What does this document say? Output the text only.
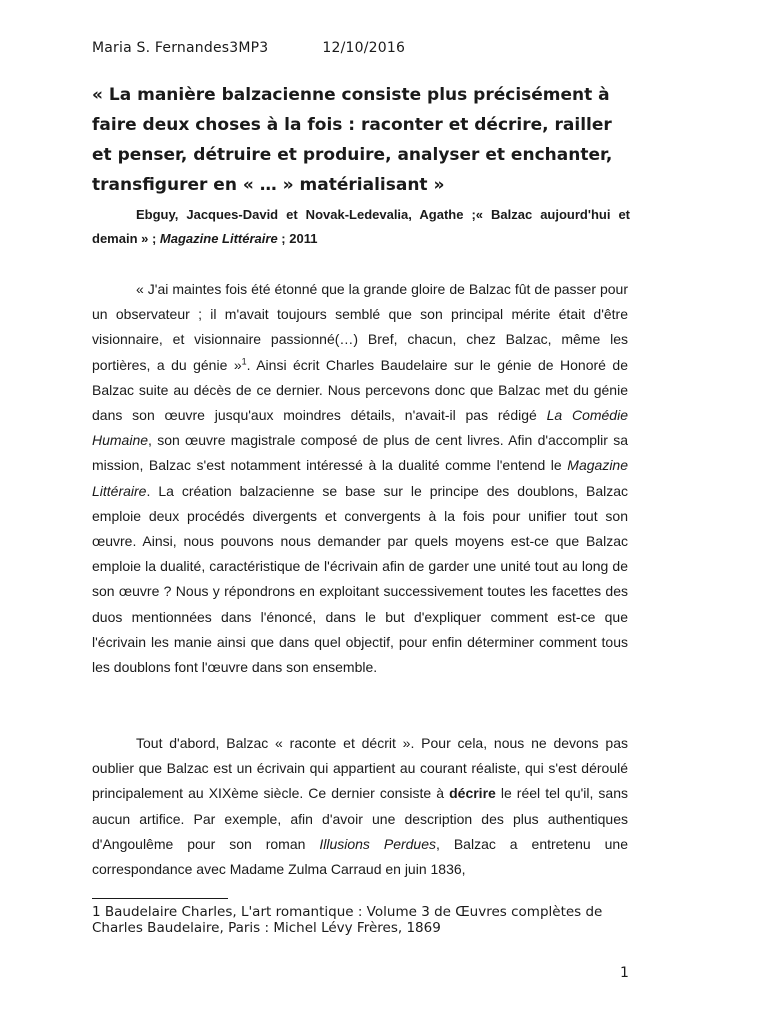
Maria S. Fernandes3MP3	12/10/2016
« La manière balzacienne consiste plus précisément à faire deux choses à la fois : raconter et décrire, railler et penser, détruire et produire, analyser et enchanter, transfigurer en « … » matérialisant »
Ebguy, Jacques-David et Novak-Ledevalia, Agathe ;« Balzac aujourd'hui et demain » ; Magazine Littéraire ; 2011
« J'ai maintes fois été étonné que la grande gloire de Balzac fût de passer pour un observateur ; il m'avait toujours semblé que son principal mérite était d'être visionnaire, et visionnaire passionné(…) Bref, chacun, chez Balzac, même les portières, a du génie »$^1$. Ainsi écrit Charles Baudelaire sur le génie de Honoré de Balzac suite au décès de ce dernier. Nous percevons donc que Balzac met du génie dans son œuvre jusqu'aux moindres détails, n'avait-il pas rédigé La Comédie Humaine, son œuvre magistrale composé de plus de cent livres. Afin d'accomplir sa mission, Balzac s'est notamment intéressé à la dualité comme l'entend le Magazine Littéraire. La création balzacienne se base sur le principe des doublons, Balzac emploie deux procédés divergents et convergents à la fois pour unifier tout son œuvre. Ainsi, nous pouvons nous demander par quels moyens est-ce que Balzac emploie la dualité, caractéristique de l'écrivain afin de garder une unité tout au long de son œuvre ? Nous y répondrons en exploitant successivement toutes les facettes des duos mentionnées dans l'énoncé, dans le but d'expliquer comment est-ce que l'écrivain les manie ainsi que dans quel objectif, pour enfin déterminer comment tous les doublons font l'œuvre dans son ensemble.
Tout d'abord, Balzac « raconte et décrit ». Pour cela, nous ne devons pas oublier que Balzac est un écrivain qui appartient au courant réaliste, qui s'est déroulé principalement au XIXème siècle. Ce dernier consiste à décrire le réel tel qu'il, sans aucun artifice. Par exemple, afin d'avoir une description des plus authentiques d'Angoulême pour son roman Illusions Perdues, Balzac a entretenu une correspondance avec Madame Zulma Carraud en juin 1836,
1 Baudelaire Charles, L'art romantique : Volume 3 de Œuvres complètes de Charles Baudelaire, Paris : Michel Lévy Frères, 1869
1
